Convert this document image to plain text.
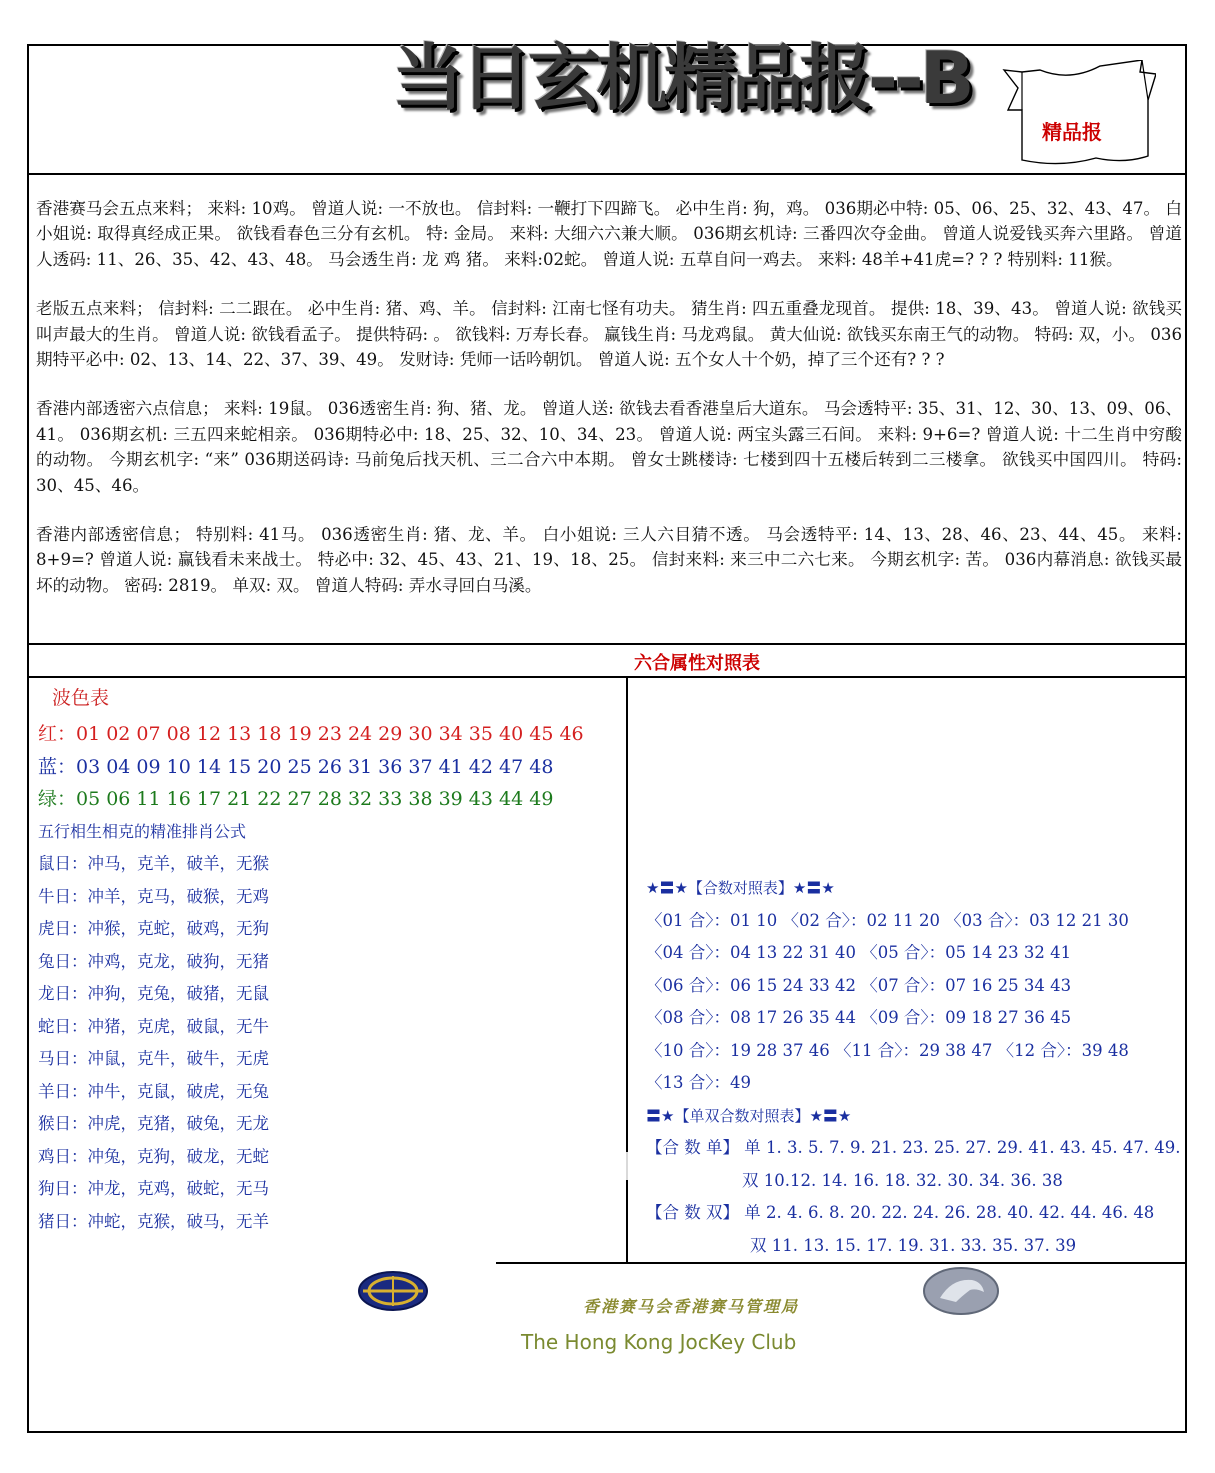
当日玄机精品报--B
精品报

香港赛马会五点来料； 来料: 10鸡。 曾道人说: 一不放也。 信封料: 一鞭打下四蹄飞。 必中生肖: 狗，鸡。 036期必中特: 05、06、25、32、43、47。 白小姐说: 取得真经成正果。 欲钱看春色三分有玄机。 特: 金局。 来料: 大细六六兼大顺。 036期玄机诗: 三番四次夺金曲。 曾道人说爱钱买奔六里路。 曾道人透码: 11、26、35、42、43、48。 马会透生肖: 龙 鸡 猪。 来料:02蛇。 曾道人说: 五草自问一鸡去。 来料: 48羊+41虎=? ? ? 特别料: 11猴。

老版五点来料； 信封料: 二二跟在。 必中生肖: 猪、鸡、羊。 信封料: 江南七怪有功夫。 猜生肖: 四五重叠龙现首。 提供: 18、39、43。 曾道人说: 欲钱买叫声最大的生肖。 曾道人说: 欲钱看孟子。 提供特码: 。 欲钱料: 万寿长春。 赢钱生肖: 马龙鸡鼠。 黄大仙说: 欲钱买东南王气的动物。 特码: 双，小。 036期特平必中: 02、13、14、22、37、39、49。 发财诗: 凭师一话吟朝饥。 曾道人说: 五个女人十个奶，掉了三个还有? ? ?

香港内部透密六点信息； 来料: 19鼠。 036透密生肖: 狗、猪、龙。 曾道人送: 欲钱去看香港皇后大道东。 马会透特平: 35、31、12、30、13、09、06、41。 036期玄机: 三五四来蛇相亲。 036期特必中: 18、25、32、10、34、23。 曾道人说: 两宝头露三石间。 来料: 9+6=? 曾道人说: 十二生肖中穷酸的动物。 今期玄机字: “来” 036期送码诗: 马前兔后找天机、三二合六中本期。 曾女士跳楼诗: 七楼到四十五楼后转到二三楼拿。 欲钱买中国四川。 特码: 30、45、46。

香港内部透密信息； 特别料: 41马。 036透密生肖: 猪、龙、羊。 白小姐说: 三人六目猜不透。 马会透特平: 14、13、28、46、23、44、45。 来料: 8+9=? 曾道人说: 赢钱看未来战士。 特必中: 32、45、43、21、19、18、25。 信封来料: 来三中二六七来。 今期玄机字: 苦。 036内幕消息: 欲钱买最坏的动物。 密码: 2819。 单双: 双。 曾道人特码: 弄水寻回白马溪。

六合属性对照表
波色表
红：01 02 07 08 12 13 18 19 23 24 29 30 34 35 40 45 46
蓝：03 04 09 10 14 15 20 25 26 31 36 37 41 42 47 48
绿：05 06 11 16 17 21 22 27 28 32 33 38 39 43 44 49
五行相生相克的精准排肖公式
鼠日：冲马，克羊，破羊，无猴
牛日：冲羊，克马，破猴，无鸡
虎日：冲猴，克蛇，破鸡，无狗
兔日：冲鸡，克龙，破狗，无猪
龙日：冲狗，克兔，破猪，无鼠
蛇日：冲猪，克虎，破鼠，无牛
马日：冲鼠，克牛，破牛，无虎
羊日：冲牛，克鼠，破虎，无兔
猴日：冲虎，克猪，破兔，无龙
鸡日：冲兔，克狗，破龙，无蛇
狗日：冲龙，克鸡，破蛇，无马
猪日：冲蛇，克猴，破马，无羊
★〓★【合数对照表】★〓★
〈01 合〉：01 10 〈02 合〉：02 11 20 〈03 合〉：03 12 21 30
〈04 合〉：04 13 22 31 40 〈05 合〉：05 14 23 32 41
〈06 合〉：06 15 24 33 42 〈07 合〉：07 16 25 34 43
〈08 合〉：08 17 26 35 44 〈09 合〉：09 18 27 36 45
〈10 合〉：19 28 37 46 〈11 合〉：29 38 47 〈12 合〉：39 48
〈13 合〉：49
〓★【单双合数对照表】★〓★
【合 数 单】 单 1. 3. 5. 7. 9. 21. 23. 25. 27. 29. 41. 43. 45. 47. 49.
双 10.12. 14. 16. 18. 32. 30. 34. 36. 38
【合 数 双】 单 2. 4. 6. 8. 20. 22. 24. 26. 28. 40. 42. 44. 46. 48
双 11. 13. 15. 17. 19. 31. 33. 35. 37. 39
香港赛马会香港赛马管理局
The Hong Kong JocKey Club
